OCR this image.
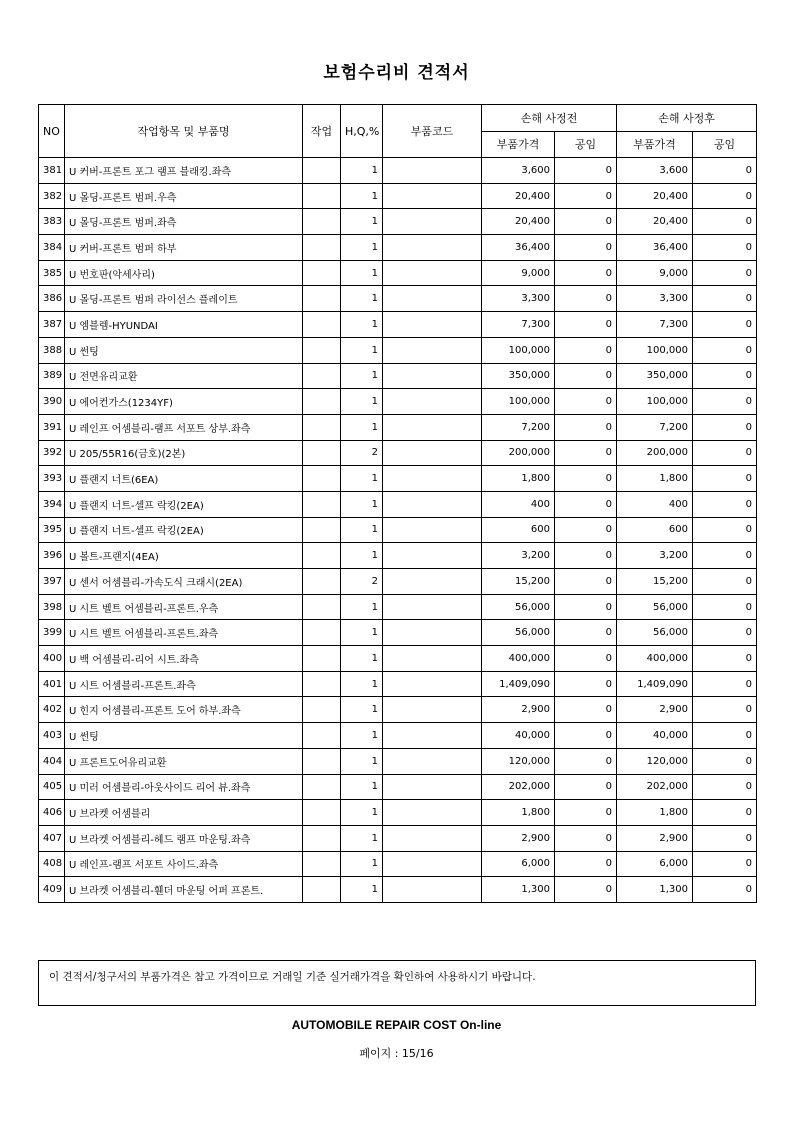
보험수리비 견적서
NO	작업항목 및 부품명	작업	H,Q,%	부품코드	손해 사정전		손해 사정후	
					부품가격	공임	부품가격	공임
381	U 커버-프론트 포그 램프 블래킹.좌측		1		3,600	0	3,600	0
382	U 몰딩-프론트 범퍼.우측		1		20,400	0	20,400	0
383	U 몰딩-프론트 범퍼.좌측		1		20,400	0	20,400	0
384	U 커버-프론트 범퍼 하부		1		36,400	0	36,400	0
385	U 번호판(악세사리)		1		9,000	0	9,000	0
386	U 몰딩-프론트 범퍼 라이선스 플레이트		1		3,300	0	3,300	0
387	U 엠블렘-HYUNDAI		1		7,300	0	7,300	0
388	U 썬팅		1		100,000	0	100,000	0
389	U 전면유리교환		1		350,000	0	350,000	0
390	U 에어컨가스(1234YF)		1		100,000	0	100,000	0
391	U 레인프 어셈블리-램프 서포트 상부.좌측		1		7,200	0	7,200	0
392	U 205/55R16(금호)(2본)		2		200,000	0	200,000	0
393	U 플랜지 너트(6EA)		1		1,800	0	1,800	0
394	U 플랜지 너트-셀프 락킹(2EA)		1		400	0	400	0
395	U 플랜지 너트-셀프 락킹(2EA)		1		600	0	600	0
396	U 볼트-프랜지(4EA)		1		3,200	0	3,200	0
397	U 센서 어셈블리-가속도식 크래시(2EA)		2		15,200	0	15,200	0
398	U 시트 벨트 어셈블리-프론트.우측		1		56,000	0	56,000	0
399	U 시트 벨트 어셈블리-프론트.좌측		1		56,000	0	56,000	0
400	U 백 어셈블리-리어 시트.좌측		1		400,000	0	400,000	0
401	U 시트 어셈블리-프론트.좌측		1		1,409,090	0	1,409,090	0
402	U 힌지 어셈블리-프론트 도어 하부.좌측		1		2,900	0	2,900	0
403	U 썬팅		1		40,000	0	40,000	0
404	U 프론트도어유리교환		1		120,000	0	120,000	0
405	U 미러 어셈블리-아웃사이드 리어 뷰.좌측		1		202,000	0	202,000	0
406	U 브라켓 어셈블리		1		1,800	0	1,800	0
407	U 브라켓 어셈블리-헤드 램프 마운팅.좌측		1		2,900	0	2,900	0
408	U 레인프-램프 서포트 사이드.좌측		1		6,000	0	6,000	0
409	U 브라켓 어셈블리-휀더 마운팅 어퍼 프론트.		1		1,300	0	1,300	0
이 견적서/청구서의 부품가격은 참고 가격이므로 거래일 기준 실거래가격을 확인하여 사용하시기 바랍니다.
AUTOMOBILE REPAIR COST On-line
페이지 : 15/16
